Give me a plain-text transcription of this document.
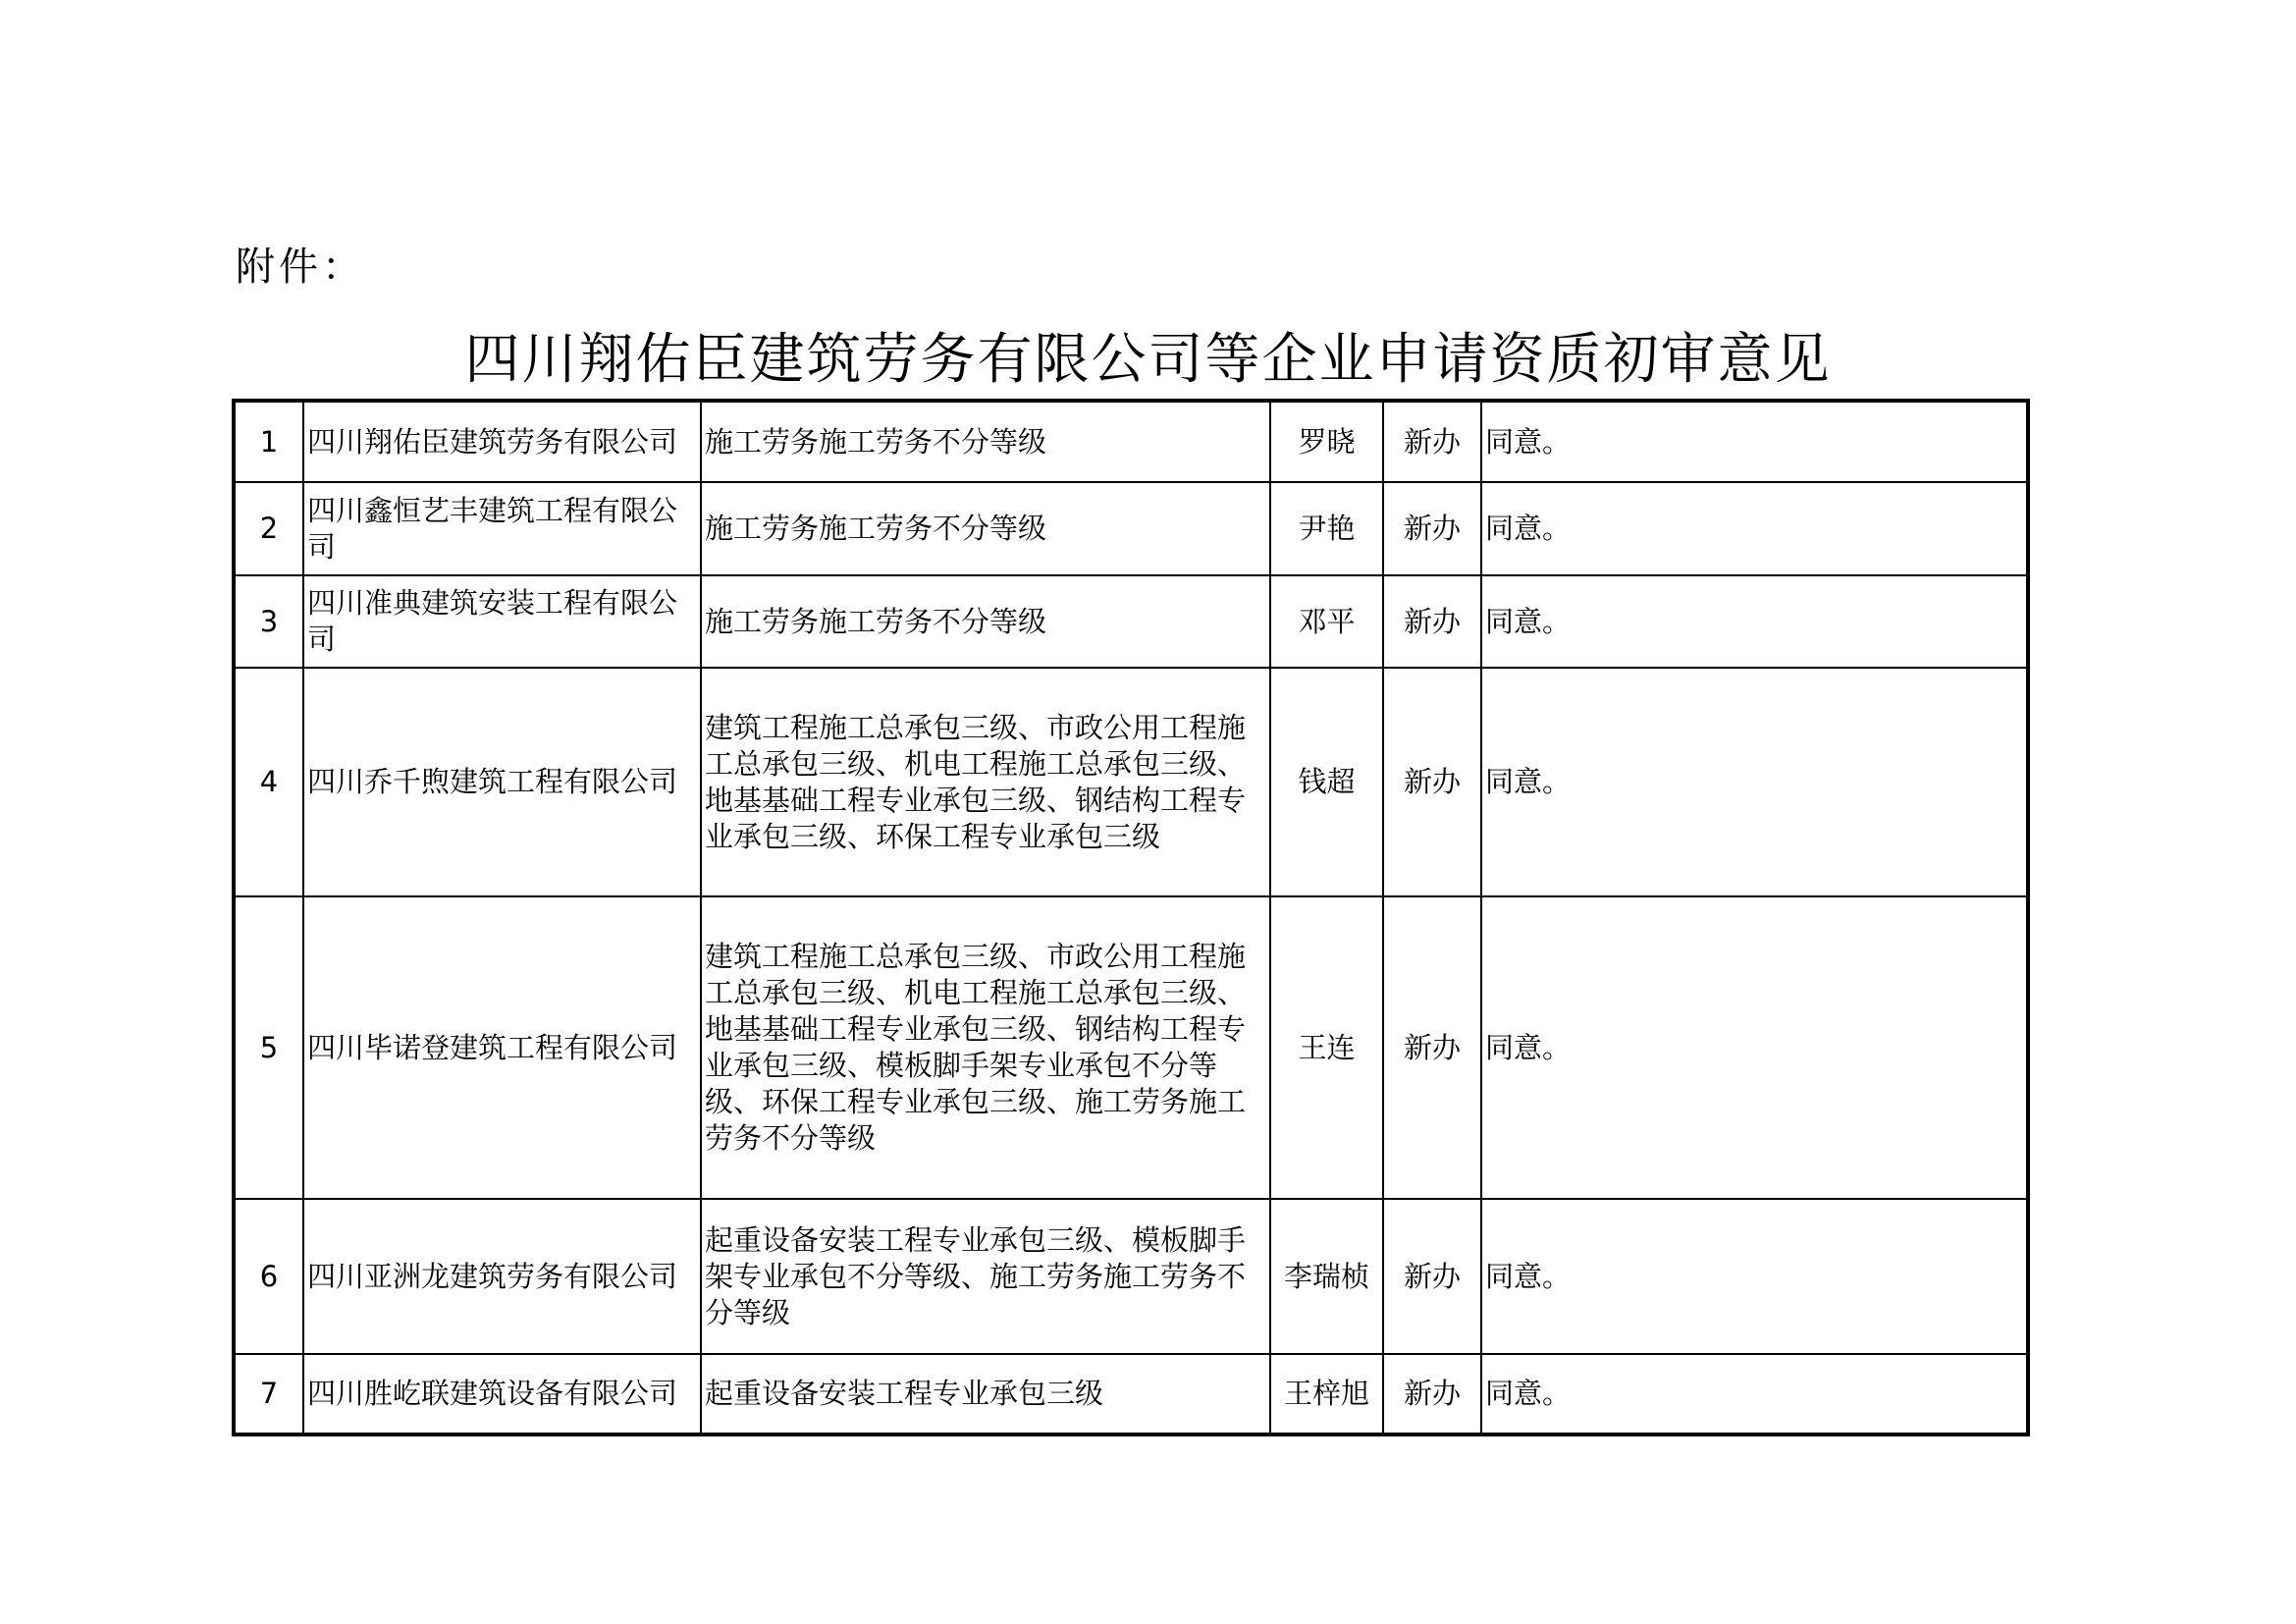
附件：
四川翔佑臣建筑劳务有限公司等企业申请资质初审意见
1	四川翔佑臣建筑劳务有限公司	施工劳务施工劳务不分等级	罗晓	新办	同意。
2	四川鑫恒艺丰建筑工程有限公司	施工劳务施工劳务不分等级	尹艳	新办	同意。
3	四川准典建筑安装工程有限公司	施工劳务施工劳务不分等级	邓平	新办	同意。
4	四川乔千煦建筑工程有限公司	建筑工程施工总承包三级、市政公用工程施工总承包三级、机电工程施工总承包三级、地基基础工程专业承包三级、钢结构工程专业承包三级、环保工程专业承包三级	钱超	新办	同意。
5	四川毕诺登建筑工程有限公司	建筑工程施工总承包三级、市政公用工程施工总承包三级、机电工程施工总承包三级、地基基础工程专业承包三级、钢结构工程专业承包三级、模板脚手架专业承包不分等级、环保工程专业承包三级、施工劳务施工劳务不分等级	王连	新办	同意。
6	四川亚洲龙建筑劳务有限公司	起重设备安装工程专业承包三级、模板脚手架专业承包不分等级、施工劳务施工劳务不分等级	李瑞桢	新办	同意。
7	四川胜屹联建筑设备有限公司	起重设备安装工程专业承包三级	王梓旭	新办	同意。
